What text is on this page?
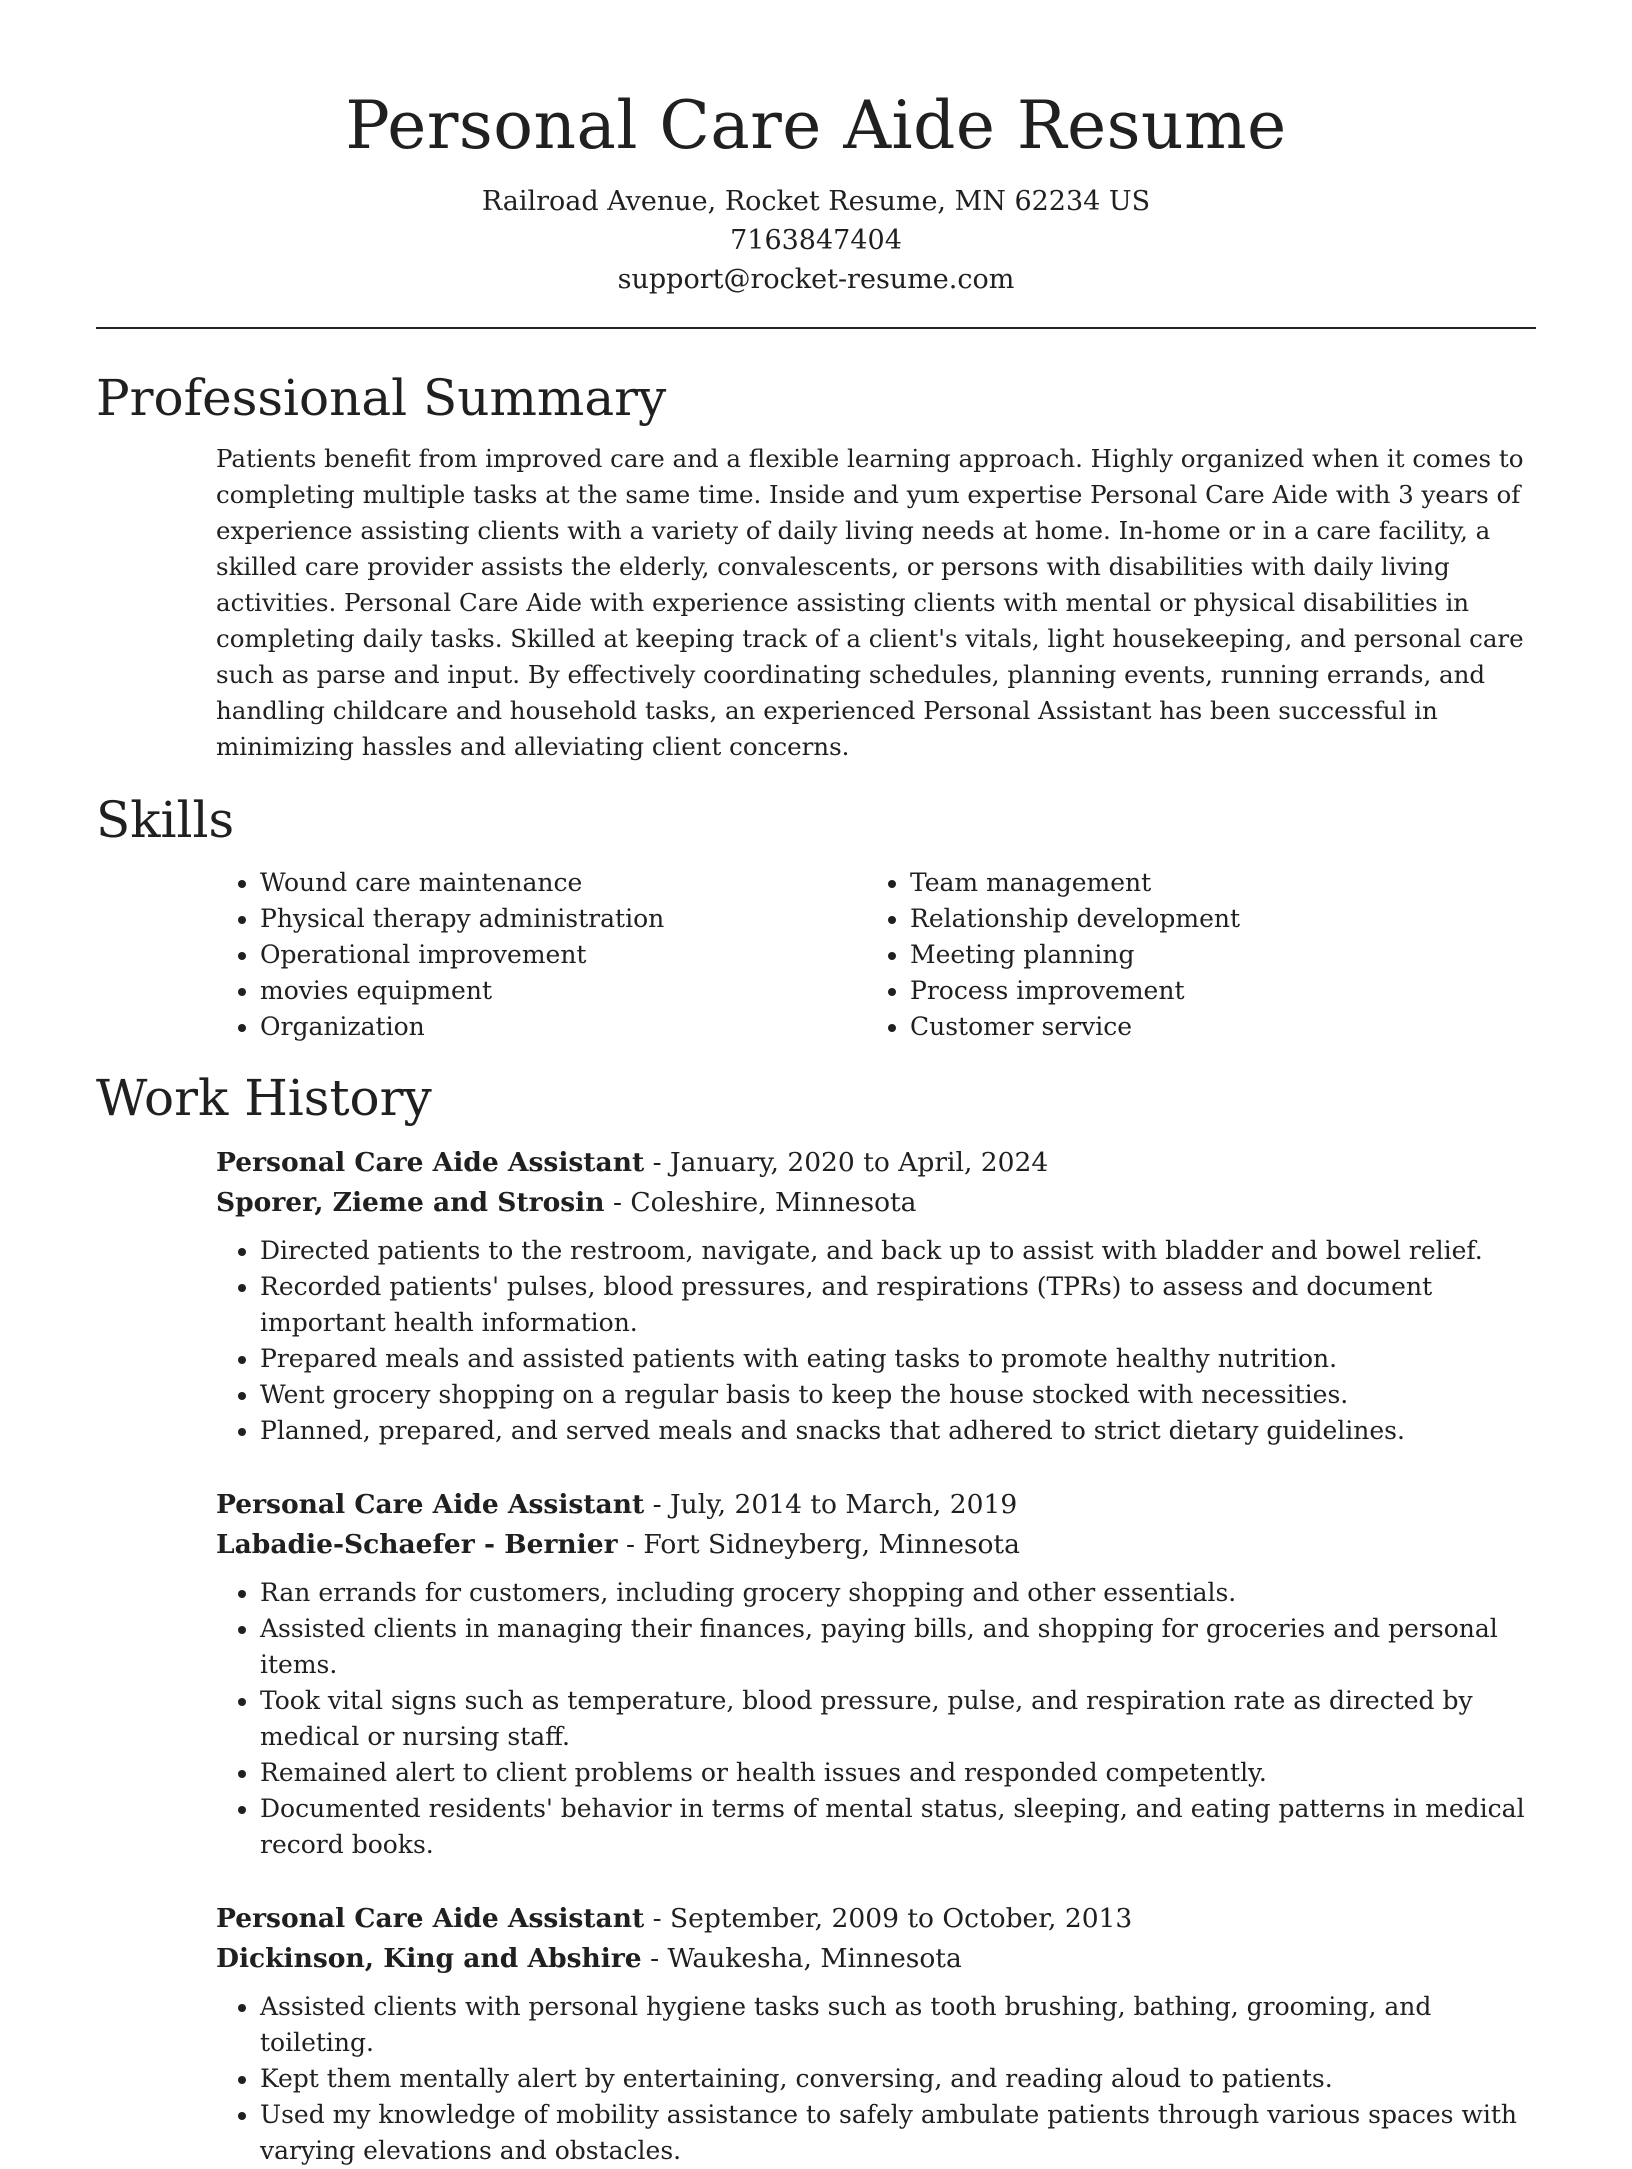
Personal Care Aide Resume
Railroad Avenue, Rocket Resume, MN 62234 US
7163847404
support@rocket-resume.com
Professional Summary
Patients benefit from improved care and a flexible learning approach. Highly organized when it comes to completing multiple tasks at the same time. Inside and yum expertise Personal Care Aide with 3 years of experience assisting clients with a variety of daily living needs at home. In-home or in a care facility, a skilled care provider assists the elderly, convalescents, or persons with disabilities with daily living activities. Personal Care Aide with experience assisting clients with mental or physical disabilities in completing daily tasks. Skilled at keeping track of a client's vitals, light housekeeping, and personal care such as parse and input. By effectively coordinating schedules, planning events, running errands, and handling childcare and household tasks, an experienced Personal Assistant has been successful in minimizing hassles and alleviating client concerns.
Skills
• Wound care maintenance
• Physical therapy administration
• Operational improvement
• movies equipment
• Organization
• Team management
• Relationship development
• Meeting planning
• Process improvement
• Customer service
Work History
Personal Care Aide Assistant - January, 2020 to April, 2024
Sporer, Zieme and Strosin - Coleshire, Minnesota
• Directed patients to the restroom, navigate, and back up to assist with bladder and bowel relief.
• Recorded patients' pulses, blood pressures, and respirations (TPRs) to assess and document important health information.
• Prepared meals and assisted patients with eating tasks to promote healthy nutrition.
• Went grocery shopping on a regular basis to keep the house stocked with necessities.
• Planned, prepared, and served meals and snacks that adhered to strict dietary guidelines.
Personal Care Aide Assistant - July, 2014 to March, 2019
Labadie-Schaefer - Bernier - Fort Sidneyberg, Minnesota
• Ran errands for customers, including grocery shopping and other essentials.
• Assisted clients in managing their finances, paying bills, and shopping for groceries and personal items.
• Took vital signs such as temperature, blood pressure, pulse, and respiration rate as directed by medical or nursing staff.
• Remained alert to client problems or health issues and responded competently.
• Documented residents' behavior in terms of mental status, sleeping, and eating patterns in medical record books.
Personal Care Aide Assistant - September, 2009 to October, 2013
Dickinson, King and Abshire - Waukesha, Minnesota
• Assisted clients with personal hygiene tasks such as tooth brushing, bathing, grooming, and toileting.
• Kept them mentally alert by entertaining, conversing, and reading aloud to patients.
• Used my knowledge of mobility assistance to safely ambulate patients through various spaces with varying elevations and obstacles.
